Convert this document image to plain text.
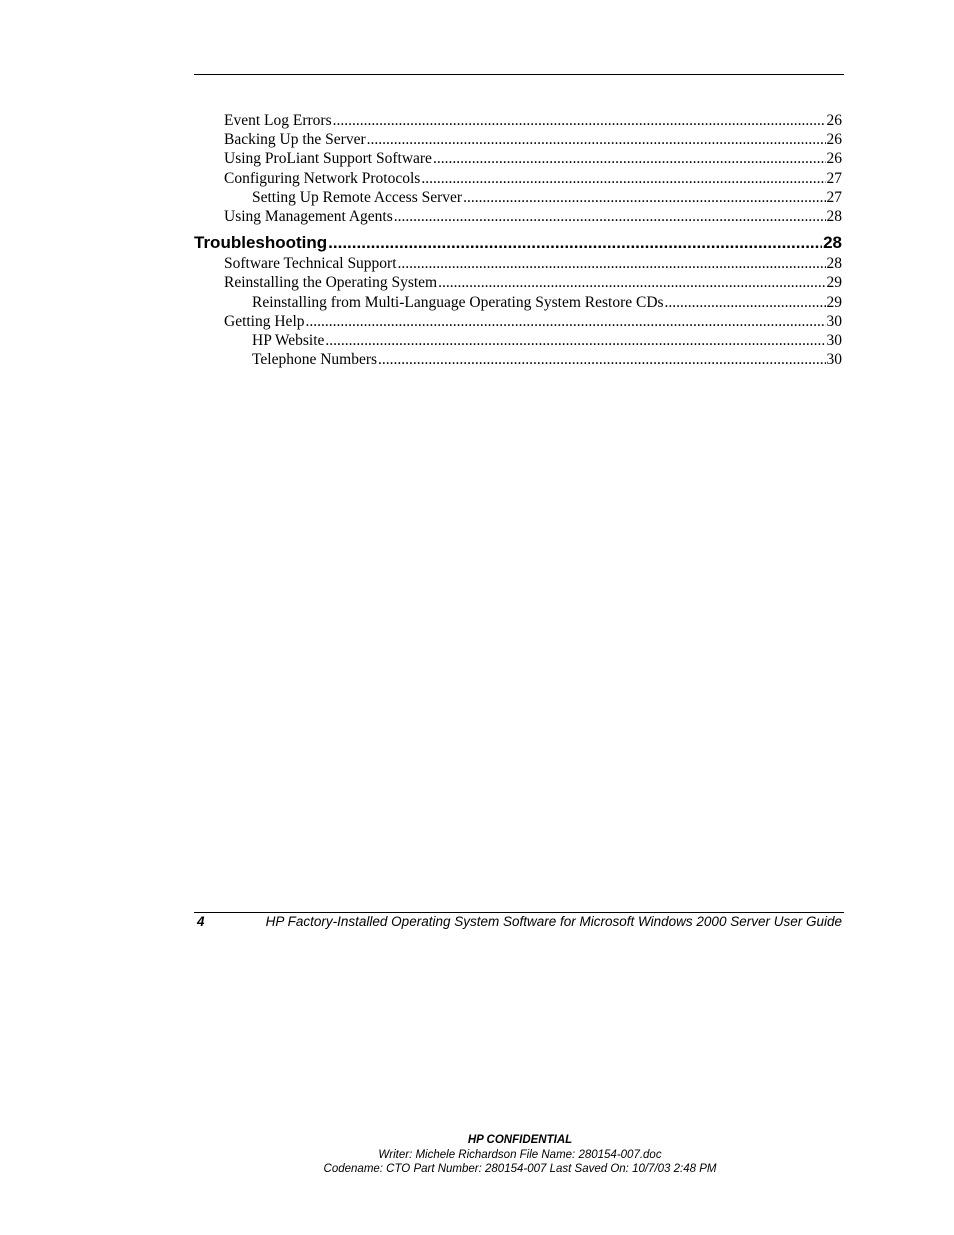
Event Log Errors .....	26
Backing Up the Server .....	26
Using ProLiant Support Software .....	26
Configuring Network Protocols .....	27
Setting Up Remote Access Server .....	27
Using Management Agents .....	28
Troubleshooting .....	28
Software Technical Support .....	28
Reinstalling the Operating System .....	29
Reinstalling from Multi-Language Operating System Restore CDs .....	29
Getting Help .....	30
HP Website .....	30
Telephone Numbers .....	30
4	HP Factory-Installed Operating System Software for Microsoft Windows 2000 Server User Guide
HP CONFIDENTIAL
Writer: Michele Richardson File Name: 280154-007.doc
Codename: CTO Part Number: 280154-007 Last Saved On: 10/7/03 2:48 PM
